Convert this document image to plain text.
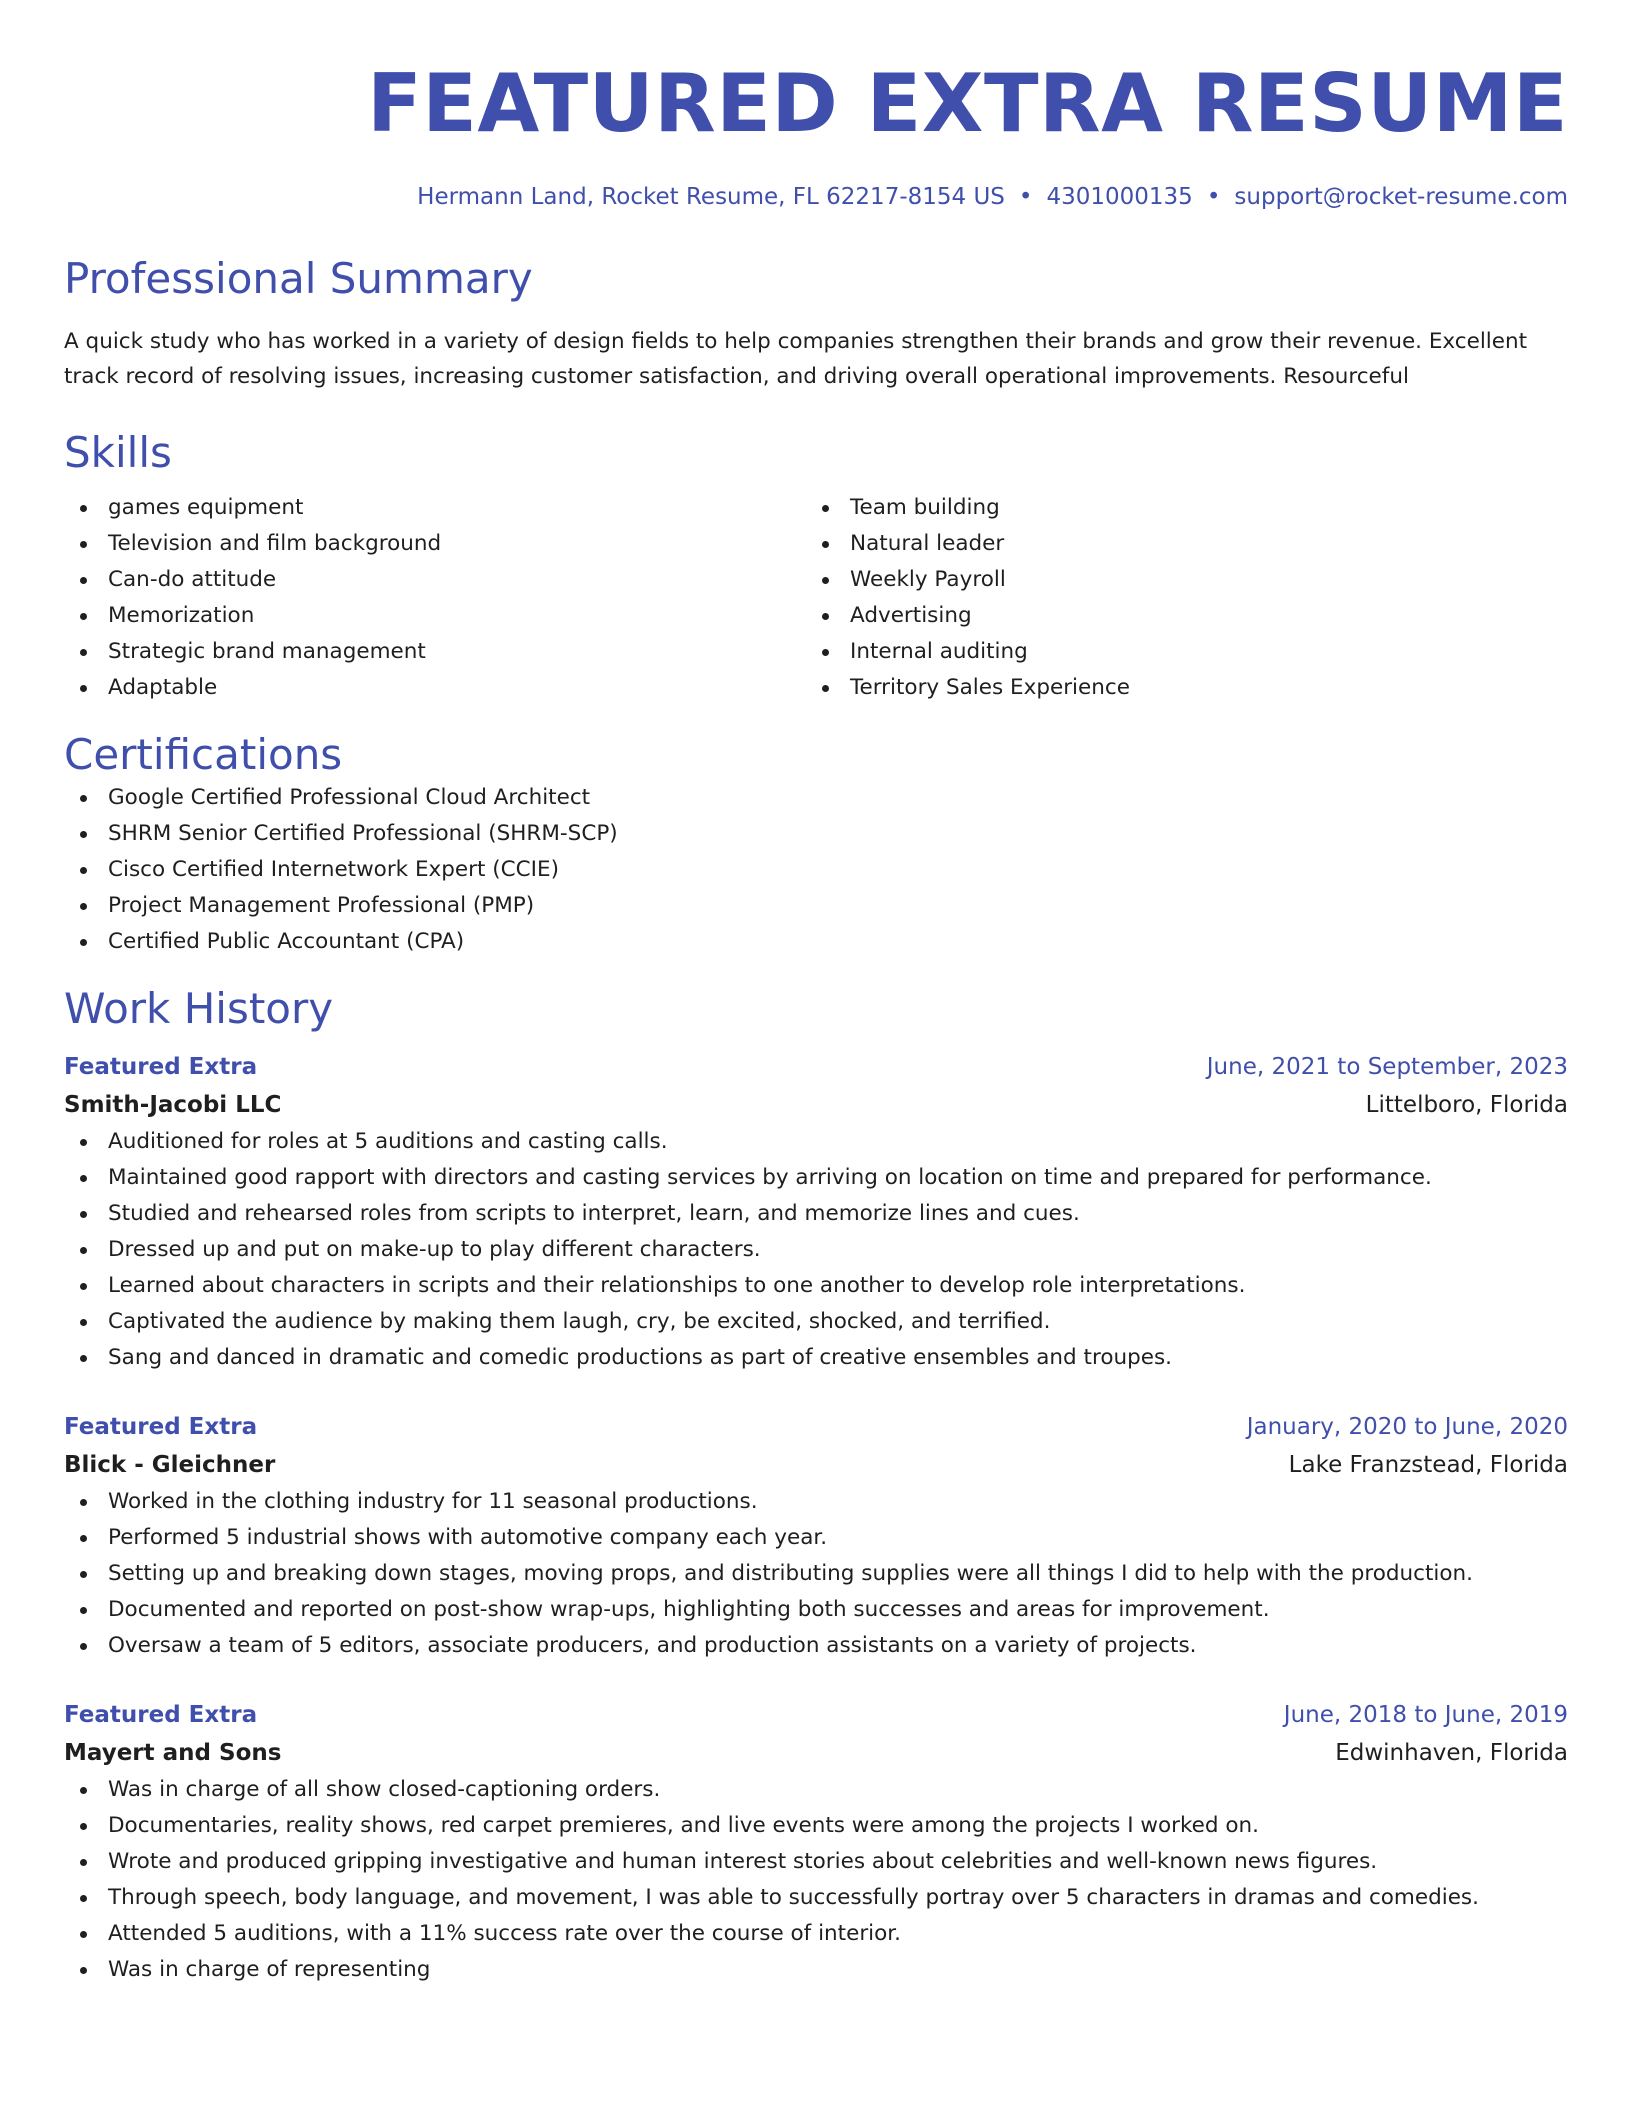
FEATURED EXTRA RESUME
Hermann Land, Rocket Resume, FL 62217-8154 US • 4301000135 • support@rocket-resume.com
Professional Summary
A quick study who has worked in a variety of design fields to help companies strengthen their brands and grow their revenue. Excellent track record of resolving issues, increasing customer satisfaction, and driving overall operational improvements. Resourceful
Skills
games equipment
Television and film background
Can-do attitude
Memorization
Strategic brand management
Adaptable
Team building
Natural leader
Weekly Payroll
Advertising
Internal auditing
Territory Sales Experience
Certifications
Google Certified Professional Cloud Architect
SHRM Senior Certified Professional (SHRM-SCP)
Cisco Certified Internetwork Expert (CCIE)
Project Management Professional (PMP)
Certified Public Accountant (CPA)
Work History
Featured Extra	June, 2021 to September, 2023
Smith-Jacobi LLC	Littelboro, Florida
Auditioned for roles at 5 auditions and casting calls.
Maintained good rapport with directors and casting services by arriving on location on time and prepared for performance.
Studied and rehearsed roles from scripts to interpret, learn, and memorize lines and cues.
Dressed up and put on make-up to play different characters.
Learned about characters in scripts and their relationships to one another to develop role interpretations.
Captivated the audience by making them laugh, cry, be excited, shocked, and terrified.
Sang and danced in dramatic and comedic productions as part of creative ensembles and troupes.
Featured Extra	January, 2020 to June, 2020
Blick - Gleichner	Lake Franzstead, Florida
Worked in the clothing industry for 11 seasonal productions.
Performed 5 industrial shows with automotive company each year.
Setting up and breaking down stages, moving props, and distributing supplies were all things I did to help with the production.
Documented and reported on post-show wrap-ups, highlighting both successes and areas for improvement.
Oversaw a team of 5 editors, associate producers, and production assistants on a variety of projects.
Featured Extra	June, 2018 to June, 2019
Mayert and Sons	Edwinhaven, Florida
Was in charge of all show closed-captioning orders.
Documentaries, reality shows, red carpet premieres, and live events were among the projects I worked on.
Wrote and produced gripping investigative and human interest stories about celebrities and well-known news figures.
Through speech, body language, and movement, I was able to successfully portray over 5 characters in dramas and comedies.
Attended 5 auditions, with a 11% success rate over the course of interior.
Was in charge of representing
